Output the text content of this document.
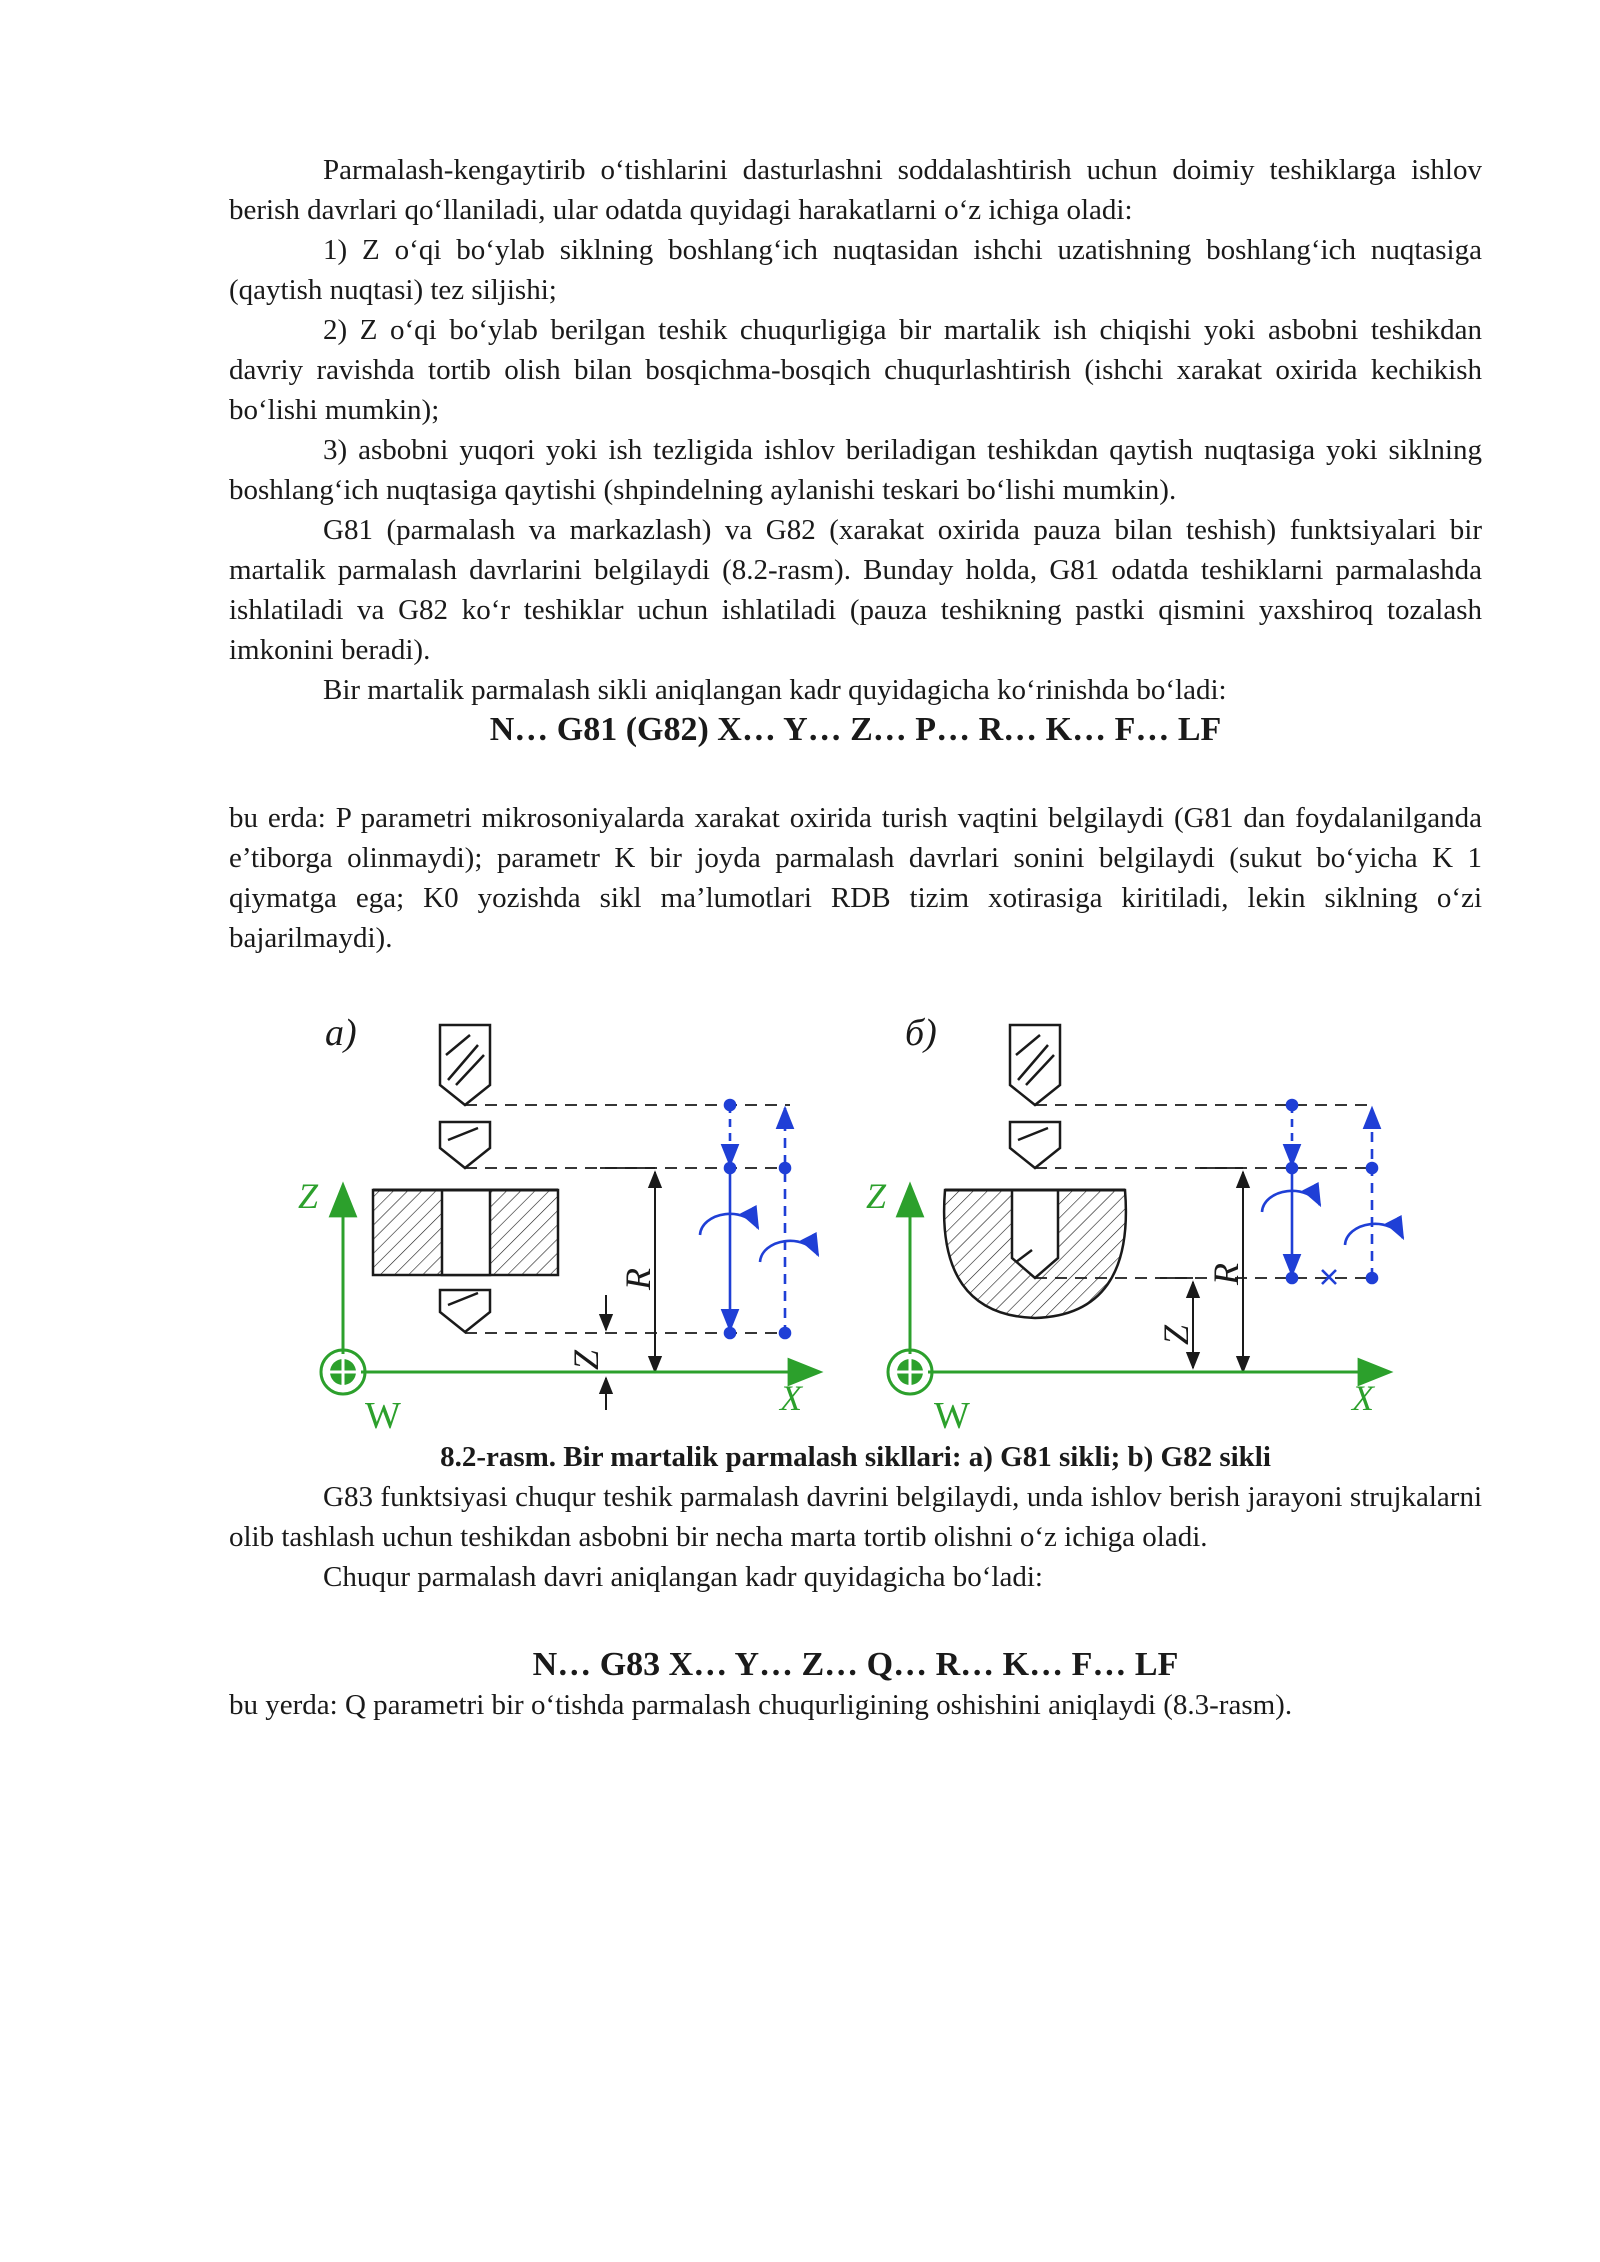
Parmalash-kengaytirib o‘tishlarini dasturlashni soddalashtirish uchun doimiy teshiklarga ishlov berish davrlari qo‘llaniladi, ular odatda quyidagi harakatlarni o‘z ichiga oladi:

1) Z o‘qi bo‘ylab siklning boshlang‘ich nuqtasidan ishchi uzatishning boshlang‘ich nuqtasiga (qaytish nuqtasi) tez siljishi;

2) Z o‘qi bo‘ylab berilgan teshik chuqurligiga bir martalik ish chiqishi yoki asbobni teshikdan davriy ravishda tortib olish bilan bosqichma-bosqich chuqurlashtirish (ishchi xarakat oxirida kechikish bo‘lishi mumkin);

3) asbobni yuqori yoki ish tezligida ishlov beriladigan teshikdan qaytish nuqtasiga yoki siklning boshlang‘ich nuqtasiga qaytishi (shpindelning aylanishi teskari bo‘lishi mumkin).

G81 (parmalash va markazlash) va G82 (xarakat oxirida pauza bilan teshish) funktsiyalari bir martalik parmalash davrlarini belgilaydi (8.2-rasm). Bunday holda, G81 odatda teshiklarni parmalashda ishlatiladi va G82 ko‘r teshiklar uchun ishlatiladi (pauza teshikning pastki qismini yaxshiroq tozalash imkonini beradi).

Bir martalik parmalash sikli aniqlangan kadr quyidagicha ko‘rinishda bo‘ladi:

N… G81 (G82) X… Y… Z… P… R… K… F… LF

bu erda: P parametri mikrosoniyalarda xarakat oxirida turish vaqtini belgilaydi (G81 dan foydalanilganda e’tiborga olinmaydi); parametr K bir joyda parmalash davrlari sonini belgilaydi (sukut bo‘yicha K 1 qiymatga ega; K0 yozishda sikl ma’lumotlari RDB tizim xotirasiga kiritiladi, lekin siklning o‘zi bajarilmaydi).

а)
R
Z
Z
X
W
б)
R
Z
Z
X
W

8.2-rasm. Bir martalik parmalash sikllari: a) G81 sikli; b) G82 sikli

G83 funktsiyasi chuqur teshik parmalash davrini belgilaydi, unda ishlov berish jarayoni strujkalarni olib tashlash uchun teshikdan asbobni bir necha marta tortib olishni o‘z ichiga oladi.

Chuqur parmalash davri aniqlangan kadr quyidagicha bo‘ladi:

N… G83 X… Y… Z… Q… R… K… F… LF

bu yerda: Q parametri bir o‘tishda parmalash chuqurligining oshishini aniqlaydi (8.3-rasm).
